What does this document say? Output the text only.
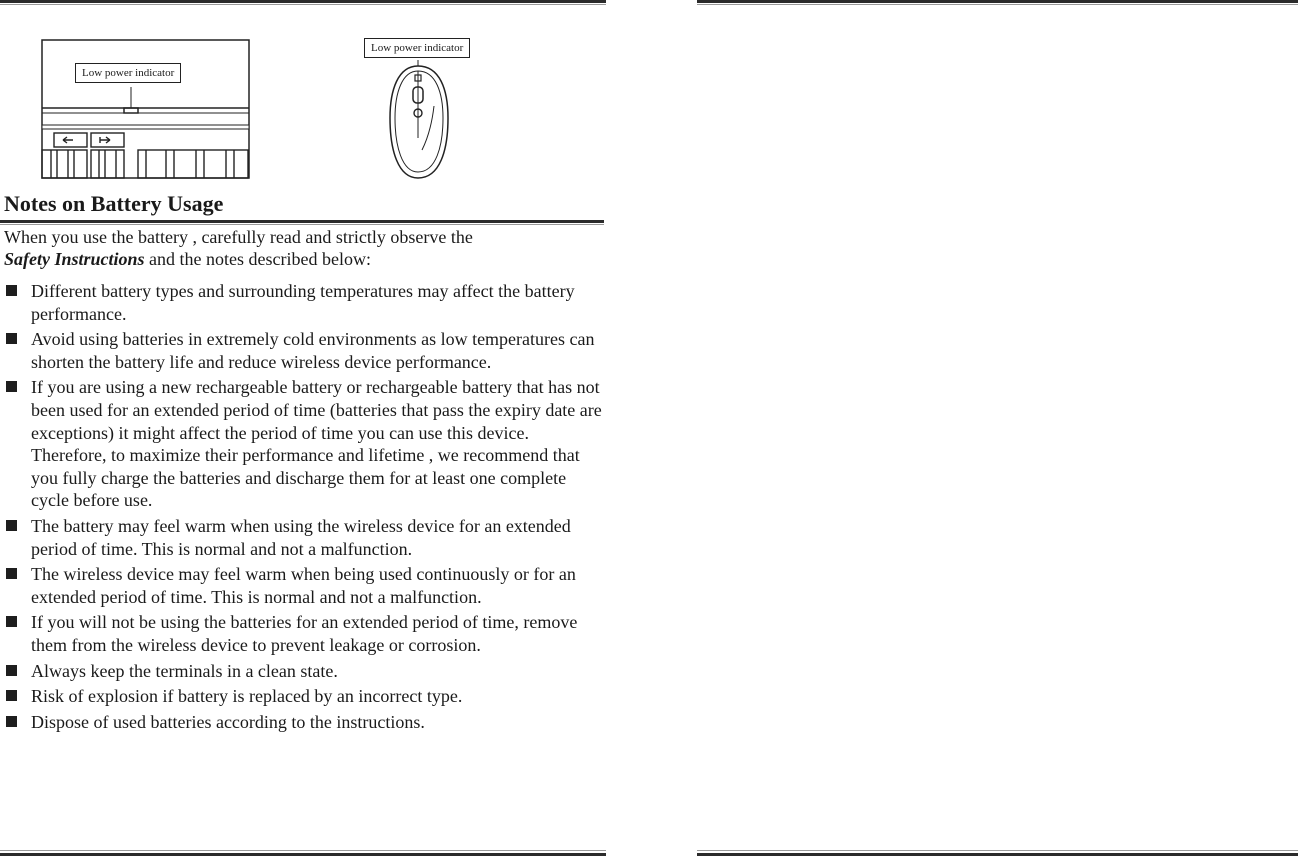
Low power indicator
Low power indicator
Notes on Battery Usage

When you use the battery , carefully read and strictly observe the
Safety Instructions and the notes described below:

Different battery types and surrounding temperatures may affect the battery performance.
Avoid using batteries in extremely cold environments as low temperatures can shorten the battery life and reduce wireless device performance.
If you are using a new rechargeable battery or rechargeable battery that has not been used for an extended period of time (batteries that pass the expiry date are exceptions) it might affect the period of time you can use this device. Therefore, to maximize their performance and lifetime , we recommend that you fully charge the batteries and discharge them for at least one complete cycle before use.
The battery may feel warm when using the wireless device for an extended period of time. This is normal and not a malfunction.
The wireless device may feel warm when being used continuously or for an extended period of time. This is normal and not a malfunction.
If you will not be using the batteries for an extended period of time, remove them from the wireless device to prevent leakage or corrosion.
Always keep the terminals in a clean state.
Risk of explosion if battery is replaced by an incorrect type.
Dispose of used batteries according to the instructions.
